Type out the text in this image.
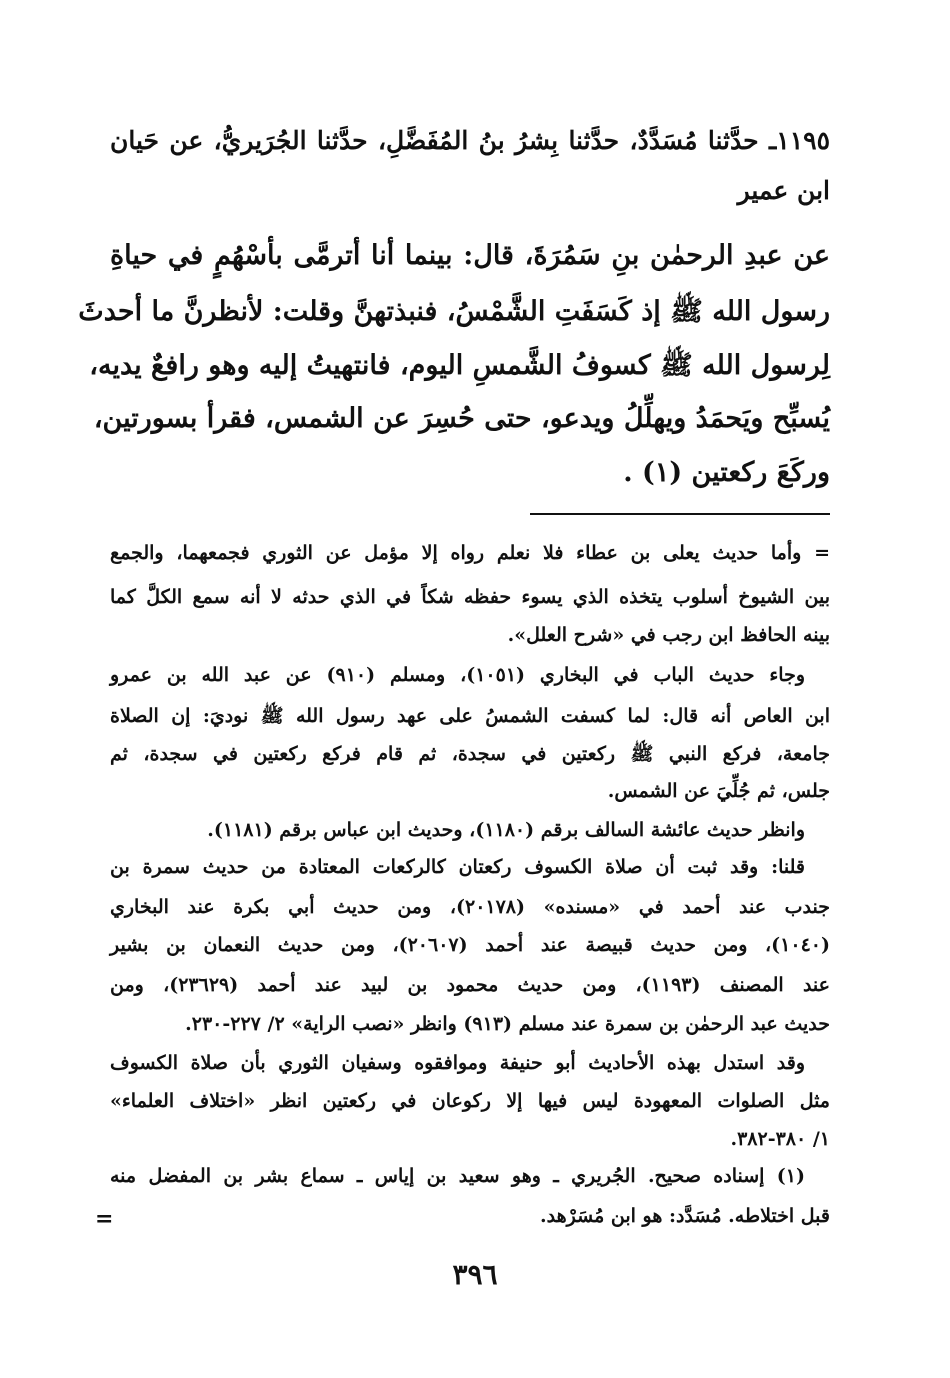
١١٩٥ـ حدَّثنا مُسَدَّدٌ، حدَّثنا بِشرُ بنُ المُفَضَّلِ، حدَّثنا الجُرَيريُّ، عن حَيان
ابن عمير
عن عبدِ الرحمٰن بنِ سَمُرَةَ، قال: بينما أنا أترمَّى بأسْهُمٍ في حياةِ
رسول الله ﷺ إذ كَسَفَتِ الشَّمْسُ، فنبذتهنَّ وقلت: لأنظرنَّ ما أحدثَ
لِرسول الله ﷺ كسوفُ الشَّمسِ اليوم، فانتهيتُ إليه وهو رافعٌ يديه،
يُسبِّح ويَحمَدُ ويهلِّلُ ويدعو، حتى حُسِرَ عن الشمس، فقرأ بسورتين،
وركَعَ ركعتين (١) .
= وأما حديث يعلى بن عطاء فلا نعلم رواه إلا مؤمل عن الثوري فجمعهما، والجمع
بين الشيوخ أسلوب يتخذه الذي يسوء حفظه شكاً في الذي حدثه لا أنه سمع الكلَّ كما
بينه الحافظ ابن رجب في «شرح العلل».
وجاء حديث الباب في البخاري (١٠٥١)، ومسلم (٩١٠) عن عبد الله بن عمرو
ابن العاص أنه قال: لما كسفت الشمسُ على عهد رسول الله ﷺ نوديَ: إن الصلاة
جامعة، فركع النبي ﷺ ركعتين في سجدة، ثم قام فركع ركعتين في سجدة، ثم
جلس، ثم جُلِّيَ عن الشمس.
وانظر حديث عائشة السالف برقم (١١٨٠)، وحديث ابن عباس برقم (١١٨١).
قلنا: وقد ثبت أن صلاة الكسوف ركعتان كالركعات المعتادة من حديث سمرة بن
جندب عند أحمد في «مسنده» (٢٠١٧٨)، ومن حديث أبي بكرة عند البخاري
(١٠٤٠)، ومن حديث قبيصة عند أحمد (٢٠٦٠٧)، ومن حديث النعمان بن بشير
عند المصنف (١١٩٣)، ومن حديث محمود بن لبيد عند أحمد (٢٣٦٢٩)، ومن
حديث عبد الرحمٰن بن سمرة عند مسلم (٩١٣) وانظر «نصب الراية» ٢/ ٢٢٧-٢٣٠.
وقد استدل بهذه الأحاديث أبو حنيفة وموافقوه وسفيان الثوري بأن صلاة الكسوف
مثل الصلوات المعهودة ليس فيها إلا ركوعان في ركعتين انظر «اختلاف العلماء»
١/ ٣٨٠-٣٨٢.
(١) إسناده صحيح. الجُريري ـ وهو سعيد بن إياس ـ سماع بشر بن المفضل منه
قبل اختلاطه. مُسَدَّد: هو ابن مُسَرْهد.
=
٣٩٦
